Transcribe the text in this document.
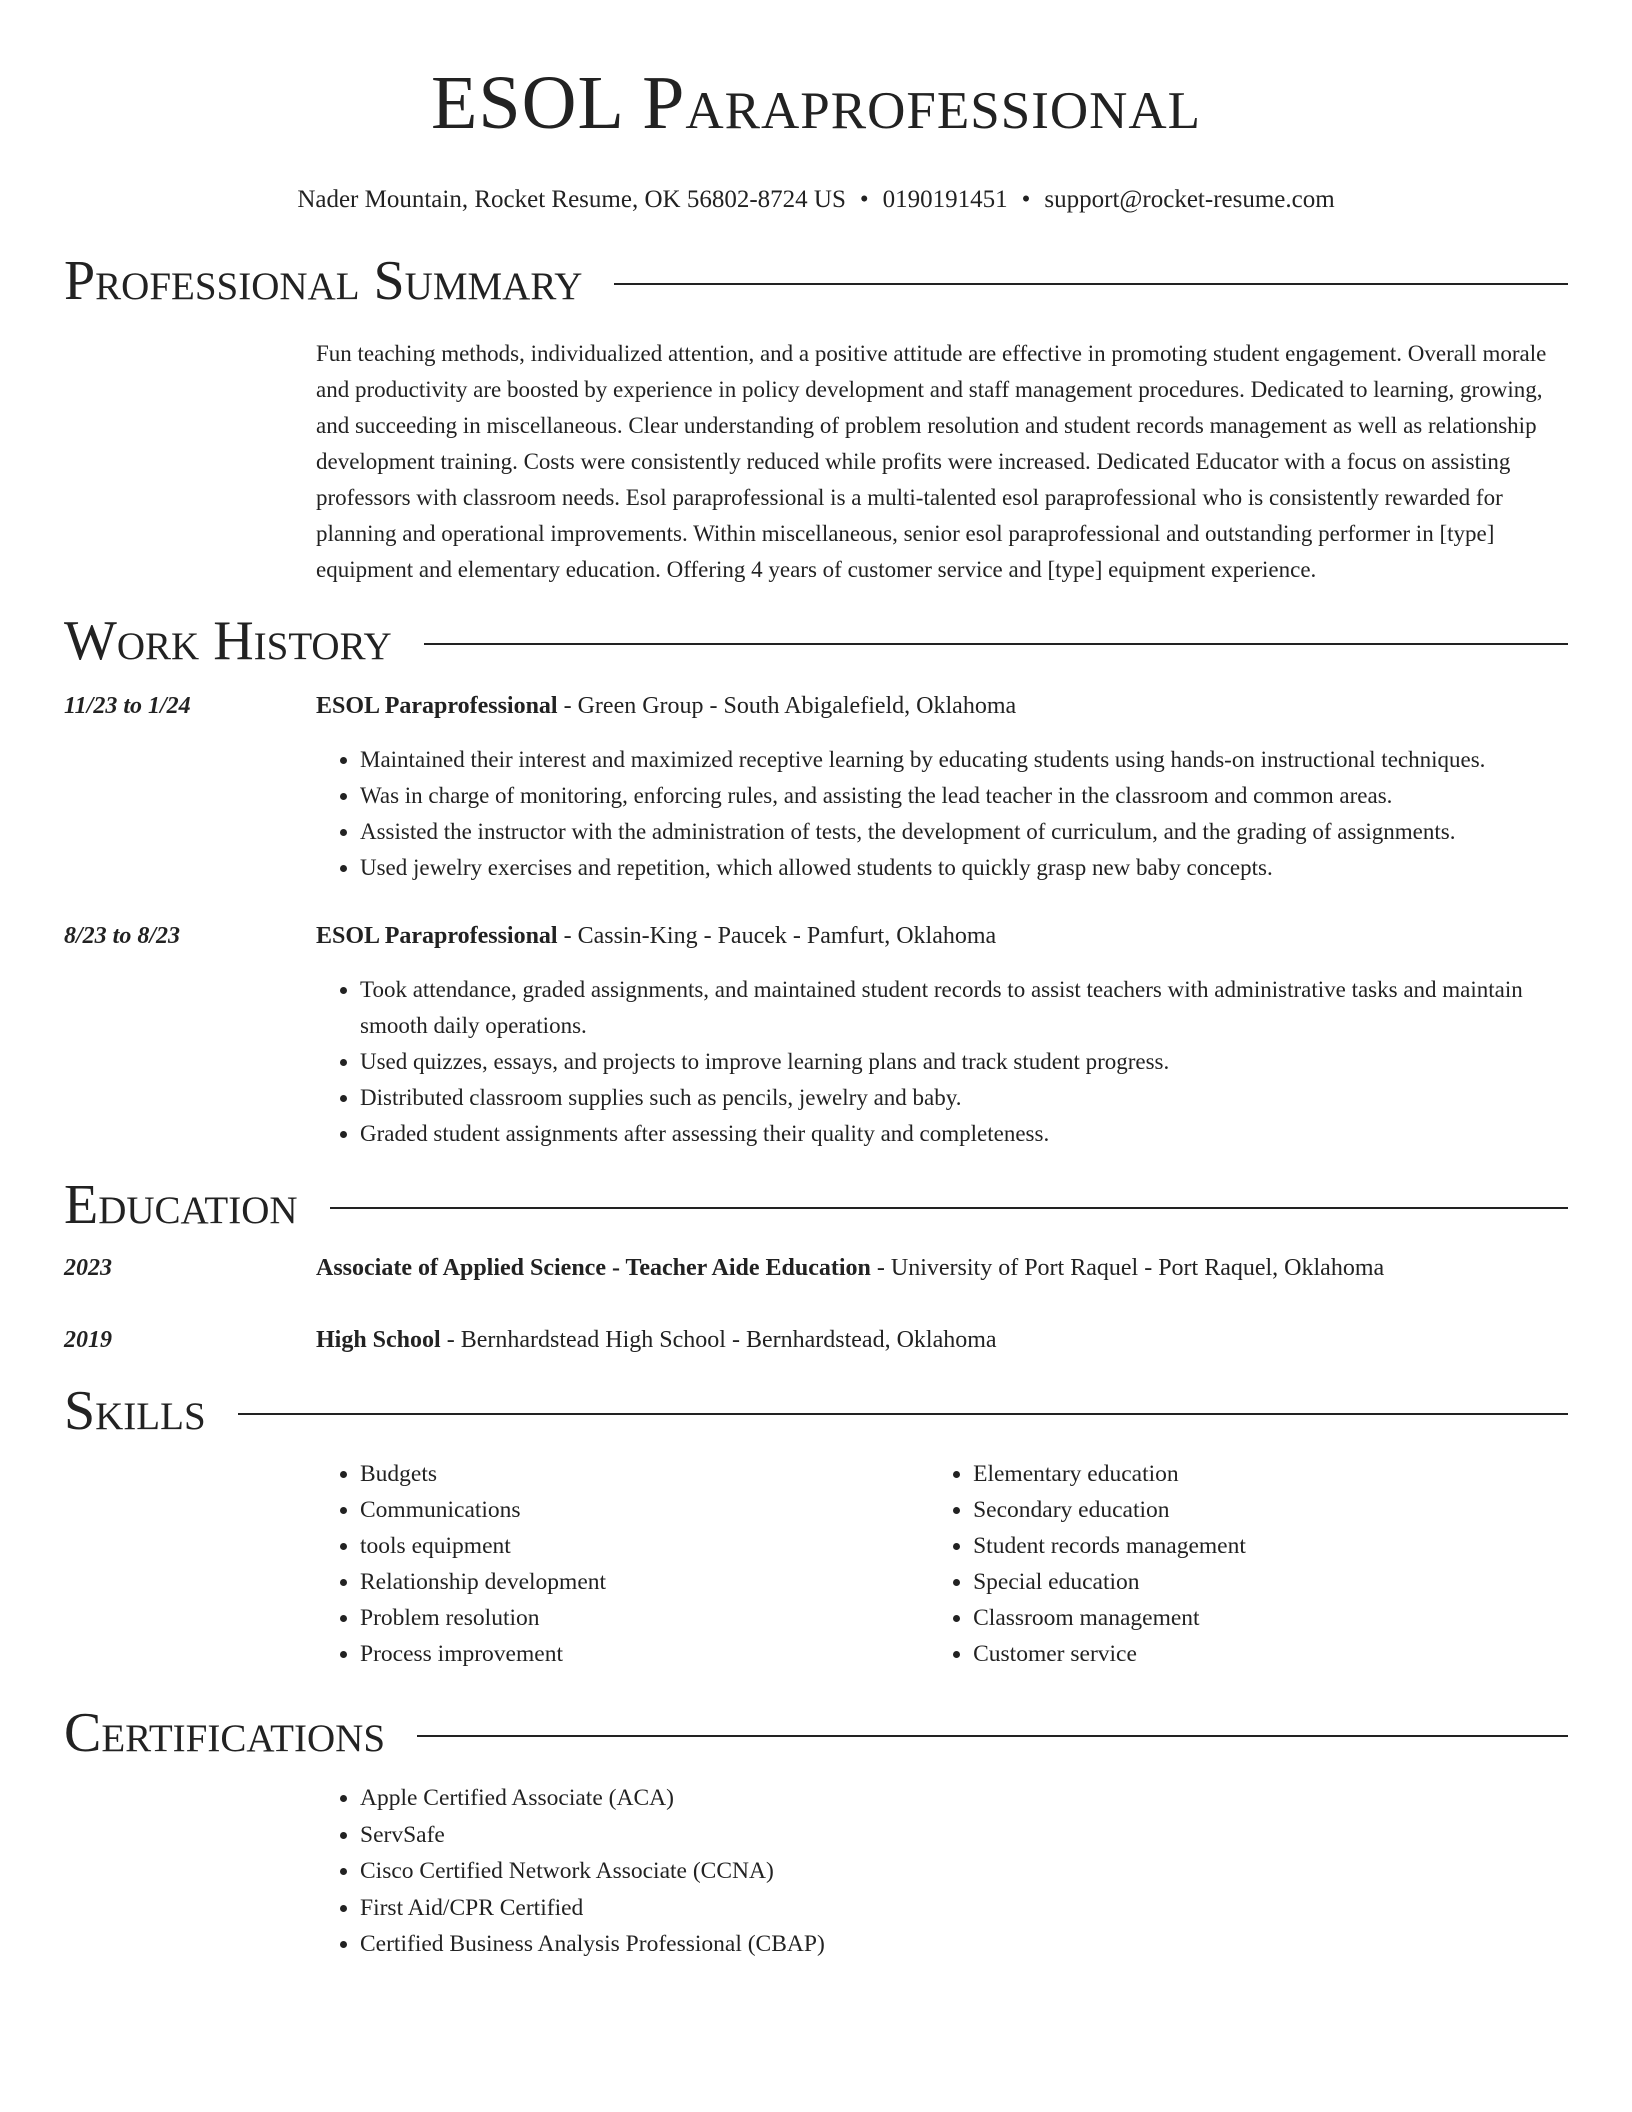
ESOL Paraprofessional
Nader Mountain, Rocket Resume, OK 56802-8724 US • 0190191451 • support@rocket-resume.com
Professional Summary

Fun teaching methods, individualized attention, and a positive attitude are effective in promoting student engagement. Overall morale and productivity are boosted by experience in policy development and staff management procedures. Dedicated to learning, growing, and succeeding in miscellaneous. Clear understanding of problem resolution and student records management as well as relationship development training. Costs were consistently reduced while profits were increased. Dedicated Educator with a focus on assisting professors with classroom needs. Esol paraprofessional is a multi-talented esol paraprofessional who is consistently rewarded for planning and operational improvements. Within miscellaneous, senior esol paraprofessional and outstanding performer in [type] equipment and elementary education. Offering 4 years of customer service and [type] equipment experience.

Work History
11/23 to 1/24	ESOL Paraprofessional - Green Group - South Abigalefield, Oklahoma
• Maintained their interest and maximized receptive learning by educating students using hands-on instructional techniques.
• Was in charge of monitoring, enforcing rules, and assisting the lead teacher in the classroom and common areas.
• Assisted the instructor with the administration of tests, the development of curriculum, and the grading of assignments.
• Used jewelry exercises and repetition, which allowed students to quickly grasp new baby concepts.
8/23 to 8/23	ESOL Paraprofessional - Cassin-King - Paucek - Pamfurt, Oklahoma
• Took attendance, graded assignments, and maintained student records to assist teachers with administrative tasks and maintain smooth daily operations.
• Used quizzes, essays, and projects to improve learning plans and track student progress.
• Distributed classroom supplies such as pencils, jewelry and baby.
• Graded student assignments after assessing their quality and completeness.
Education
2023	Associate of Applied Science - Teacher Aide Education - University of Port Raquel - Port Raquel, Oklahoma
2019	High School - Bernhardstead High School - Bernhardstead, Oklahoma
Skills
• Budgets
• Communications
• tools equipment
• Relationship development
• Problem resolution
• Process improvement
• Elementary education
• Secondary education
• Student records management
• Special education
• Classroom management
• Customer service
Certifications
• Apple Certified Associate (ACA)
• ServSafe
• Cisco Certified Network Associate (CCNA)
• First Aid/CPR Certified
• Certified Business Analysis Professional (CBAP)
